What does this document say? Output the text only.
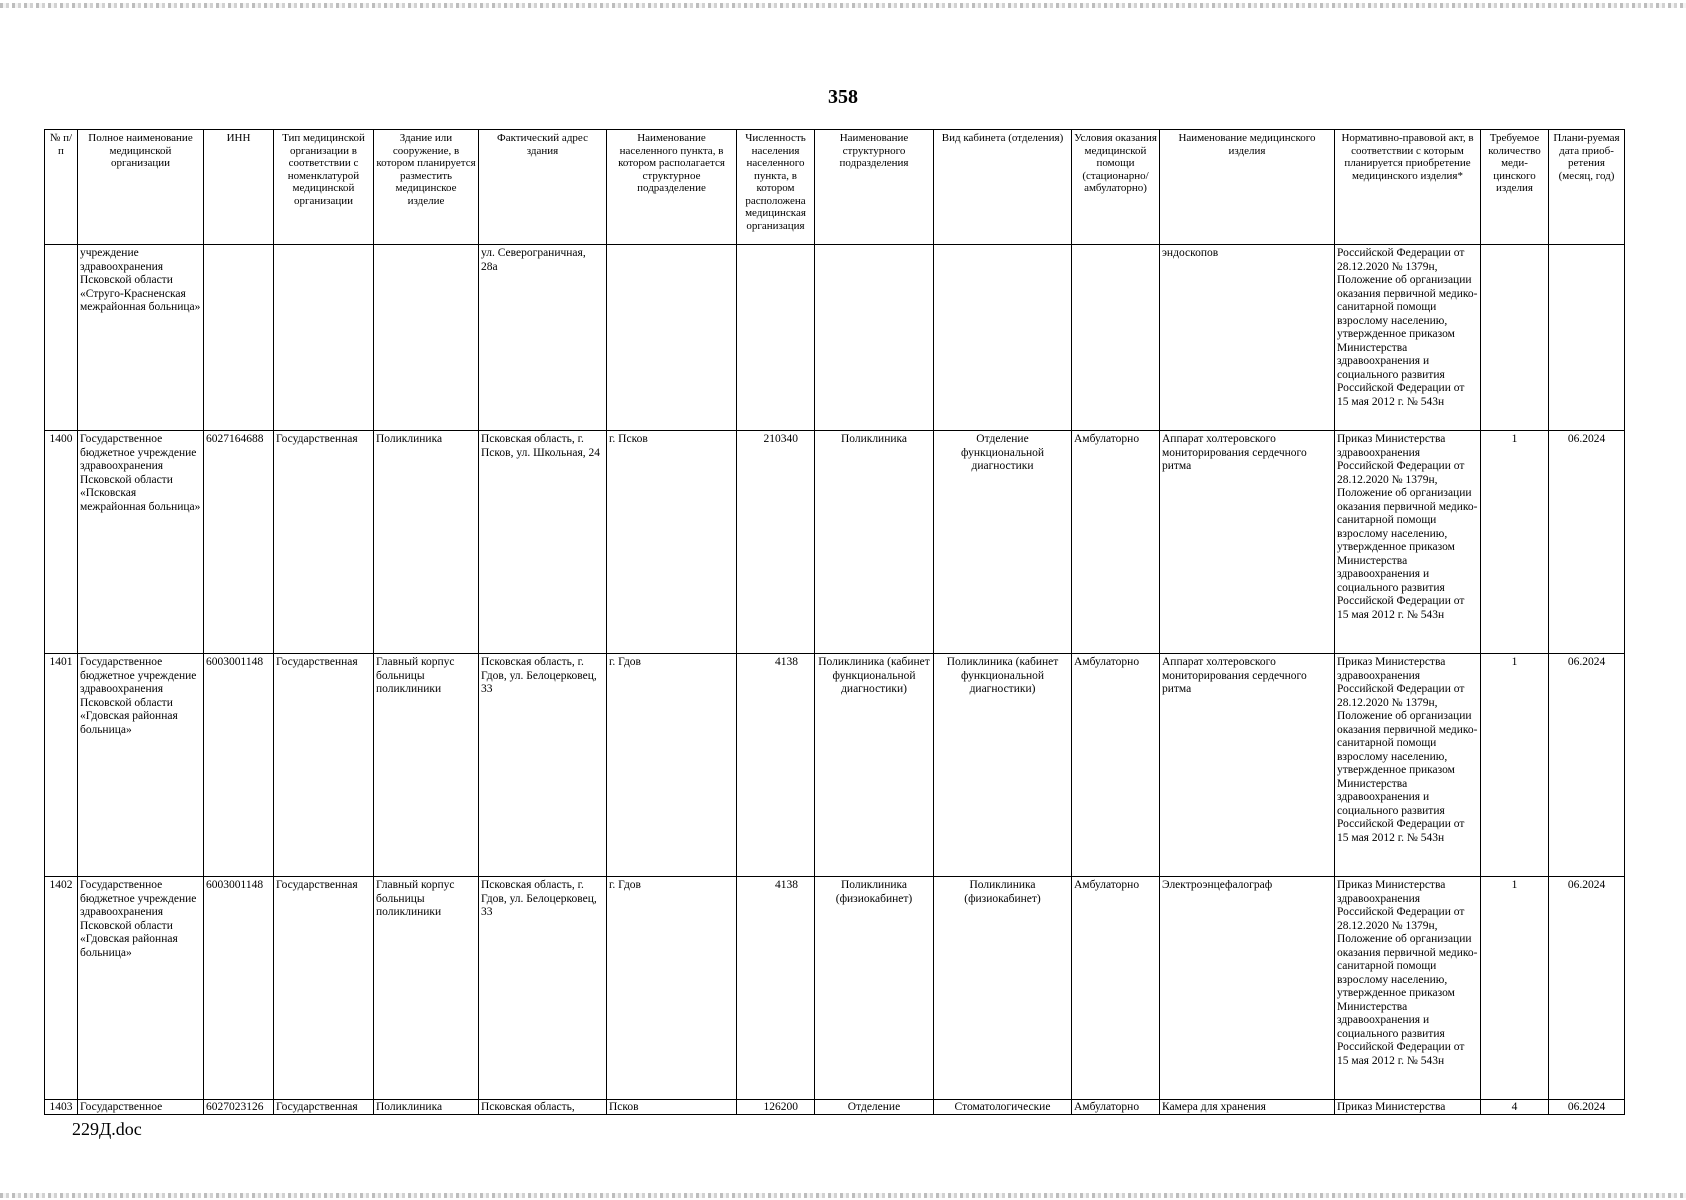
358
№ п/п	Полное наименование медицинской организации	ИНН	Тип медицинской организации в соответствии с номенклатурой медицинской организации	Здание или сооружение, в котором планируется разместить медицинское изделие	Фактический адрес здания	Наименование населенного пункта, в котором располагается структурное подразделение	Численность населения населенного пункта, в котором расположена медицинская организация	Наименование структурного подразделения	Вид кабинета (отделения)	Условия оказания медицинской помощи (стационарно/ амбулаторно)	Наименование медицинского изделия	Нормативно-правовой акт, в соответствии с которым планируется приобретение медицинского изделия*	Требуемое количество меди-цинского изделия	Плани-руемая дата приоб-ретения (месяц, год)
	учреждение здравоохранения Псковской области «Струго-Красненская межрайонная больница»				ул. Северограничная, 28а						эндоскопов	Российской Федерации от 28.12.2020 № 1379н, Положение об организации оказания первичной медико-санитарной помощи взрослому населению, утвержденное приказом Министерства здравоохранения и социального развития Российской Федерации от 15 мая 2012 г. № 543н		
1400	Государственное бюджетное учреждение здравоохранения Псковской области «Псковская межрайонная больница»	6027164688	Государственная	Поликлиника	Псковская область, г. Псков, ул. Школьная, 24	г. Псков	210340	Поликлиника	Отделение функциональной диагностики	Амбулаторно	Аппарат холтеровского мониторирования сердечного ритма	Приказ Министерства здравоохранения Российской Федерации от 28.12.2020 № 1379н, Положение об организации оказания первичной медико-санитарной помощи взрослому населению, утвержденное приказом Министерства здравоохранения и социального развития Российской Федерации от 15 мая 2012 г. № 543н	1	06.2024
1401	Государственное бюджетное учреждение здравоохранения Псковской области «Гдовская районная больница»	6003001148	Государственная	Главный корпус больницы поликлиники	Псковская область, г. Гдов, ул. Белоцерковец, 33	г. Гдов	4138	Поликлиника (кабинет функциональной диагностики)	Поликлиника (кабинет функциональной диагностики)	Амбулаторно	Аппарат холтеровского мониторирования сердечного ритма	Приказ Министерства здравоохранения Российской Федерации от 28.12.2020 № 1379н, Положение об организации оказания первичной медико-санитарной помощи взрослому населению, утвержденное приказом Министерства здравоохранения и социального развития Российской Федерации от 15 мая 2012 г. № 543н	1	06.2024
1402	Государственное бюджетное учреждение здравоохранения Псковской области «Гдовская районная больница»	6003001148	Государственная	Главный корпус больницы поликлиники	Псковская область, г. Гдов, ул. Белоцерковец, 33	г. Гдов	4138	Поликлиника (физиокабинет)	Поликлиника (физиокабинет)	Амбулаторно	Электроэнцефалограф	Приказ Министерства здравоохранения Российской Федерации от 28.12.2020 № 1379н, Положение об организации оказания первичной медико-санитарной помощи взрослому населению, утвержденное приказом Министерства здравоохранения и социального развития Российской Федерации от 15 мая 2012 г. № 543н	1	06.2024
1403	Государственное	6027023126	Государственная	Поликлиника	Псковская область,	Псков	126200	Отделение	Стоматологические	Амбулаторно	Камера для хранения	Приказ Министерства	4	06.2024
229Д.doc
